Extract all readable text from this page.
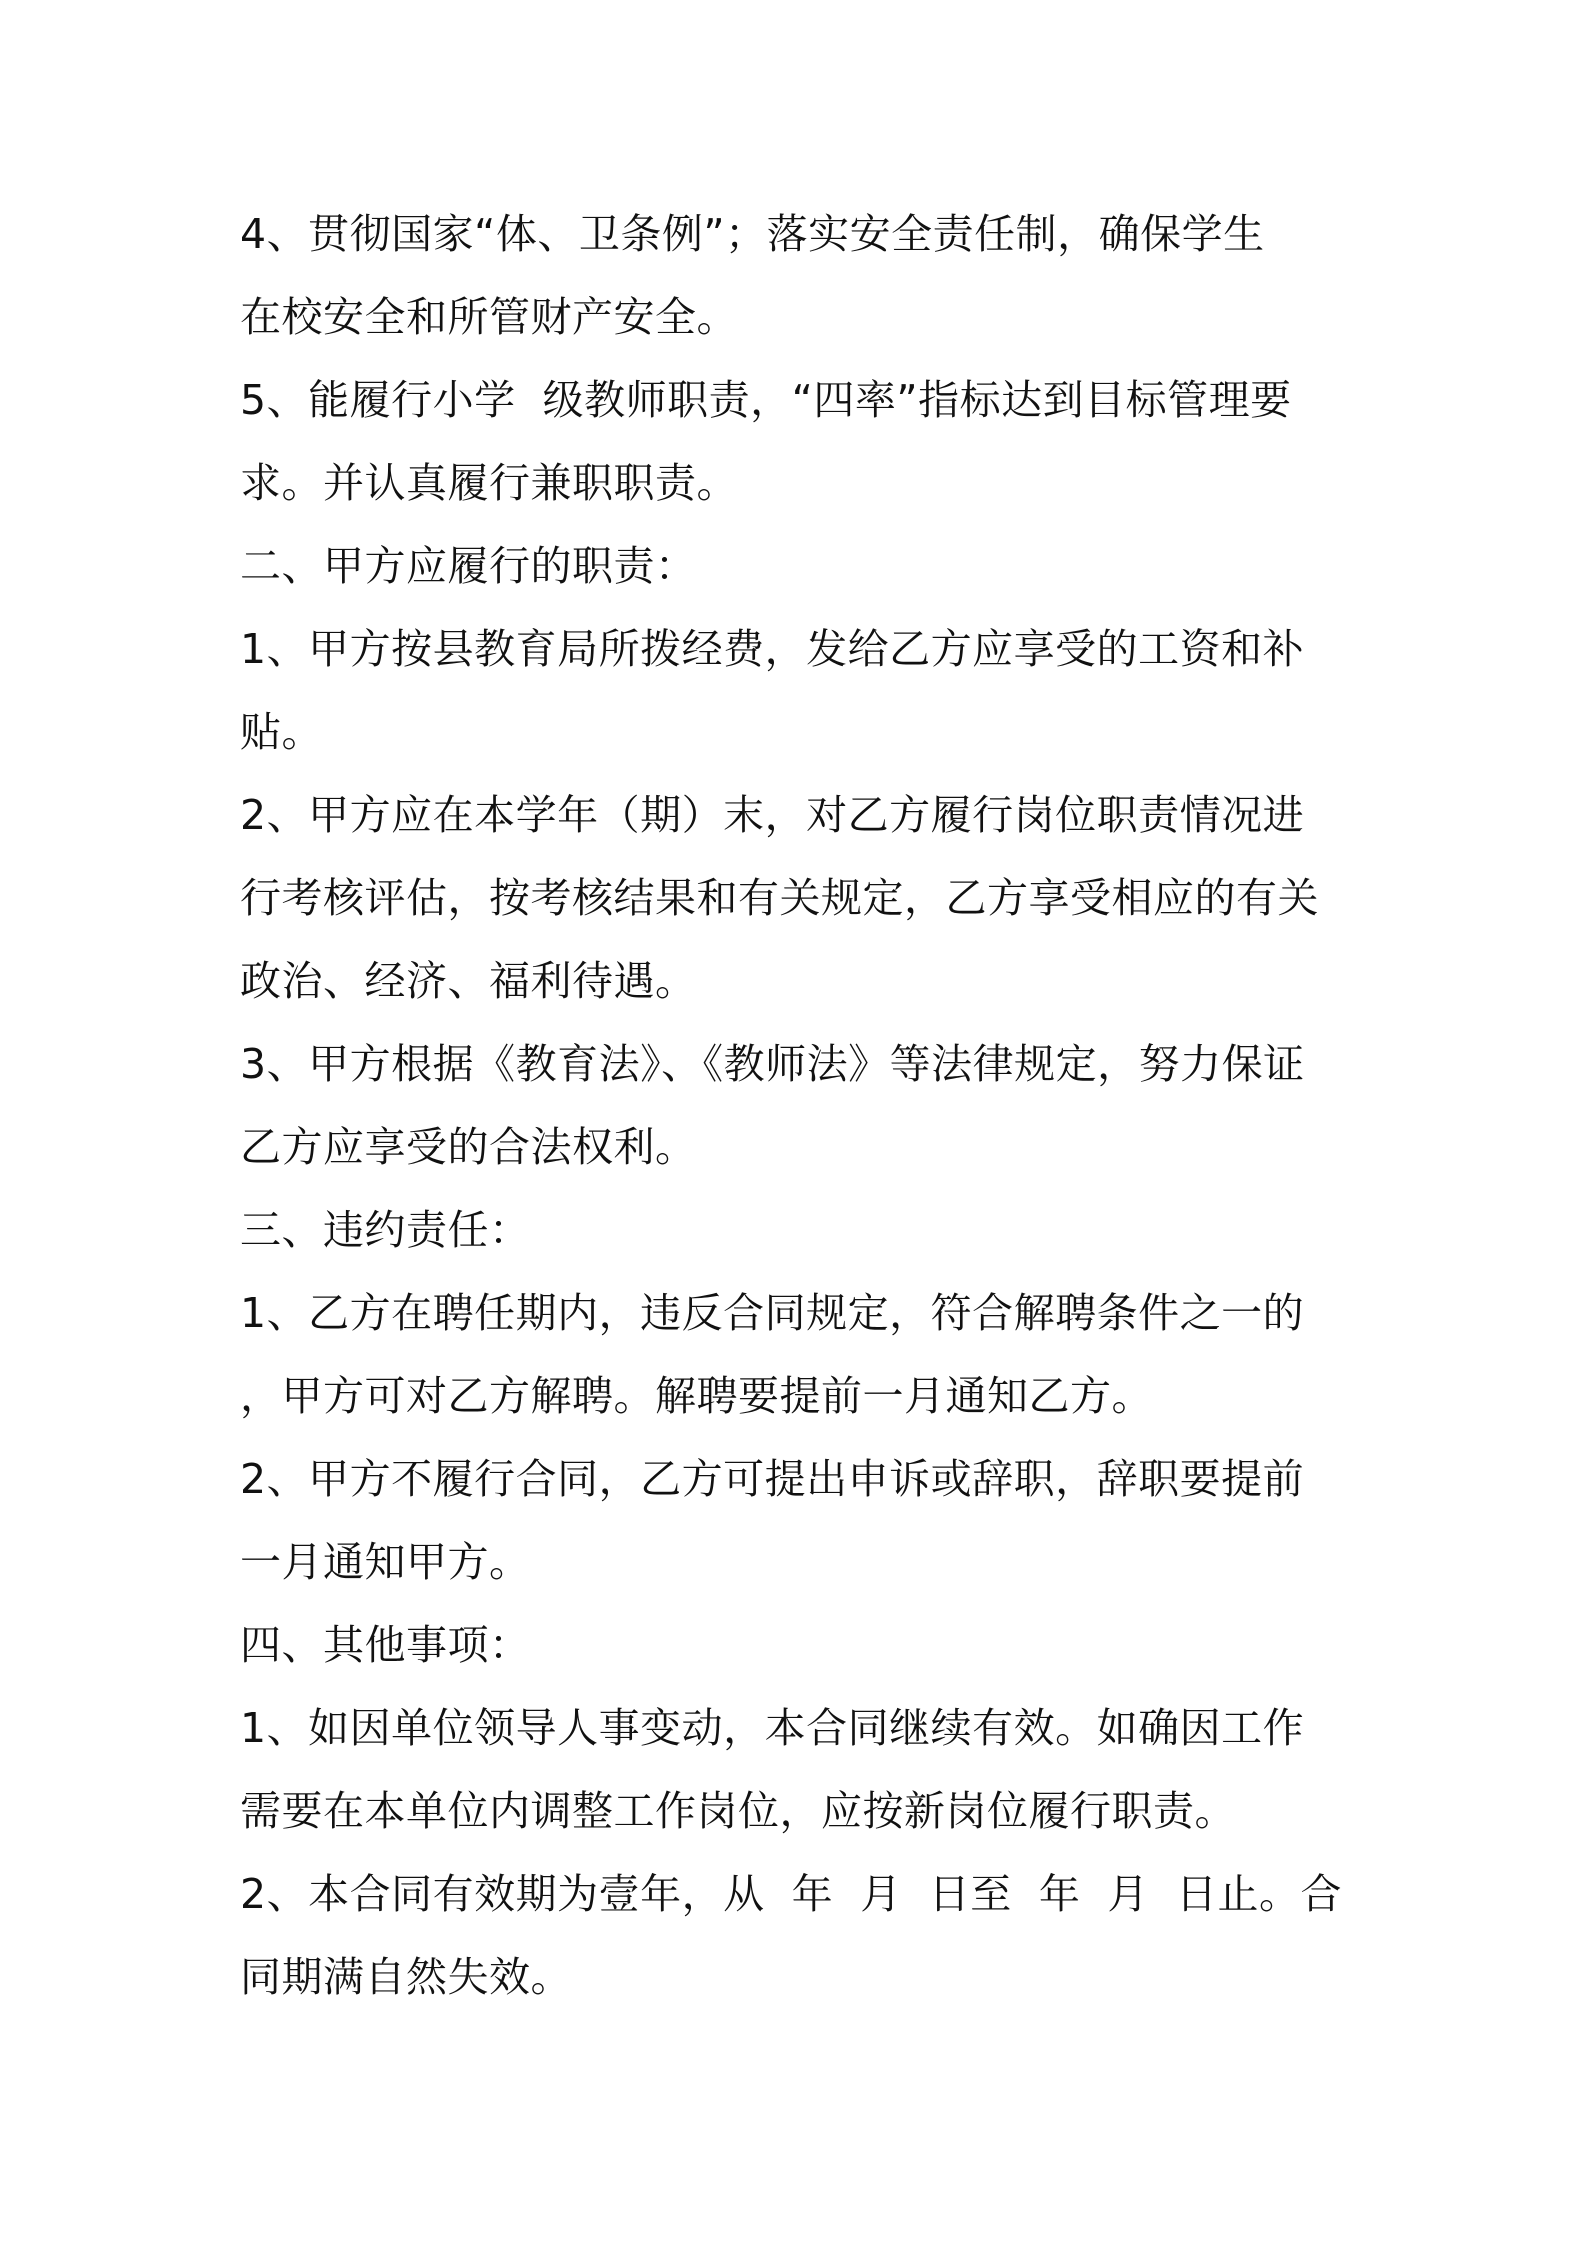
4、贯彻国家“体、卫条例”；落实安全责任制，确保学生
在校安全和所管财产安全。
5、能履行小学  级教师职责，“四率”指标达到目标管理要
求。并认真履行兼职职责。
二、甲方应履行的职责：
1、甲方按县教育局所拨经费，发给乙方应享受的工资和补
贴。
2、甲方应在本学年（期）末，对乙方履行岗位职责情况进
行考核评估，按考核结果和有关规定，乙方享受相应的有关
政治、经济、福利待遇。
3、甲方根据《教育法》、《教师法》等法律规定，努力保证
乙方应享受的合法权利。
三、违约责任：
1、乙方在聘任期内，违反合同规定，符合解聘条件之一的
，甲方可对乙方解聘。解聘要提前一月通知乙方。
2、甲方不履行合同，乙方可提出申诉或辞职，辞职要提前
一月通知甲方。
四、其他事项：
1、如因单位领导人事变动，本合同继续有效。如确因工作
需要在本单位内调整工作岗位，应按新岗位履行职责。
2、本合同有效期为壹年，从  年  月  日至  年  月  日止。合
同期满自然失效。
